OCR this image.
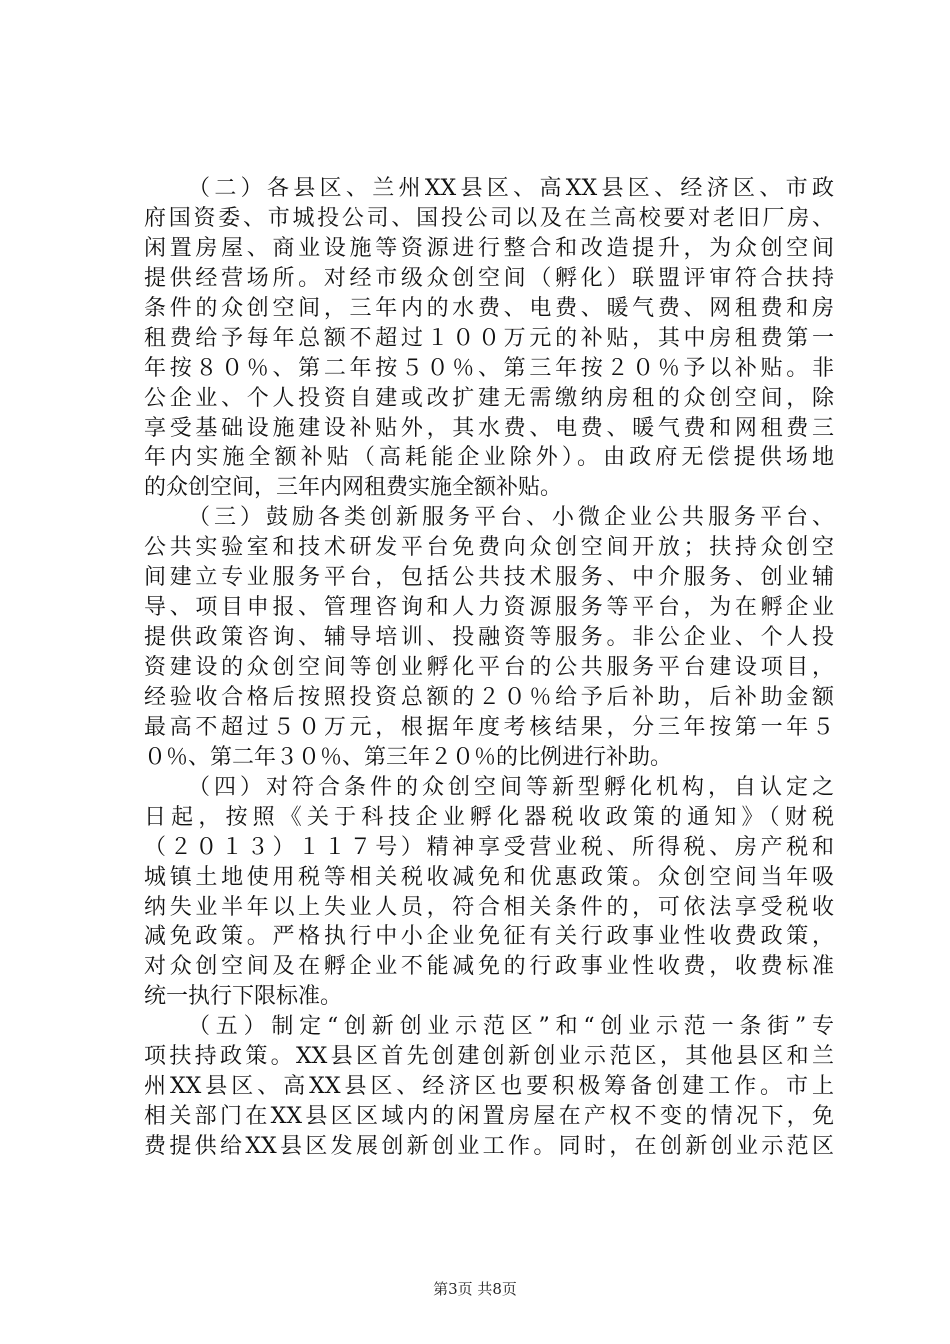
（二）各县区、兰州XX县区、高XX县区、经济区、市政
府国资委、市城投公司、国投公司以及在兰高校要对老旧厂房、
闲置房屋、商业设施等资源进行整合和改造提升，为众创空间
提供经营场所。对经市级众创空间（孵化）联盟评审符合扶持
条件的众创空间，三年内的水费、电费、暖气费、网租费和房
租费给予每年总额不超过１００万元的补贴，其中房租费第一
年按８０％、第二年按５０％、第三年按２０％予以补贴。非
公企业、个人投资自建或改扩建无需缴纳房租的众创空间，除
享受基础设施建设补贴外，其水费、电费、暖气费和网租费三
年内实施全额补贴（高耗能企业除外）。由政府无偿提供场地
的众创空间，三年内网租费实施全额补贴。
（三）鼓励各类创新服务平台、小微企业公共服务平台、
公共实验室和技术研发平台免费向众创空间开放；扶持众创空
间建立专业服务平台，包括公共技术服务、中介服务、创业辅
导、项目申报、管理咨询和人力资源服务等平台，为在孵企业
提供政策咨询、辅导培训、投融资等服务。非公企业、个人投
资建设的众创空间等创业孵化平台的公共服务平台建设项目，
经验收合格后按照投资总额的２０％给予后补助，后补助金额
最高不超过５０万元，根据年度考核结果，分三年按第一年５
０％、第二年３０％、第三年２０％的比例进行补助。
（四）对符合条件的众创空间等新型孵化机构，自认定之
日起，按照《关于科技企业孵化器税收政策的通知》（财税
（２０１３）１１７号）精神享受营业税、所得税、房产税和
城镇土地使用税等相关税收减免和优惠政策。众创空间当年吸
纳失业半年以上失业人员，符合相关条件的，可依法享受税收
减免政策。严格执行中小企业免征有关行政事业性收费政策，
对众创空间及在孵企业不能减免的行政事业性收费，收费标准
统一执行下限标准。
（五）制定“创新创业示范区”和“创业示范一条街”专
项扶持政策。XX县区首先创建创新创业示范区，其他县区和兰
州XX县区、高XX县区、经济区也要积极筹备创建工作。市上
相关部门在XX县区区域内的闲置房屋在产权不变的情况下，免
费提供给XX县区发展创新创业工作。同时，在创新创业示范区
第3页 共8页
